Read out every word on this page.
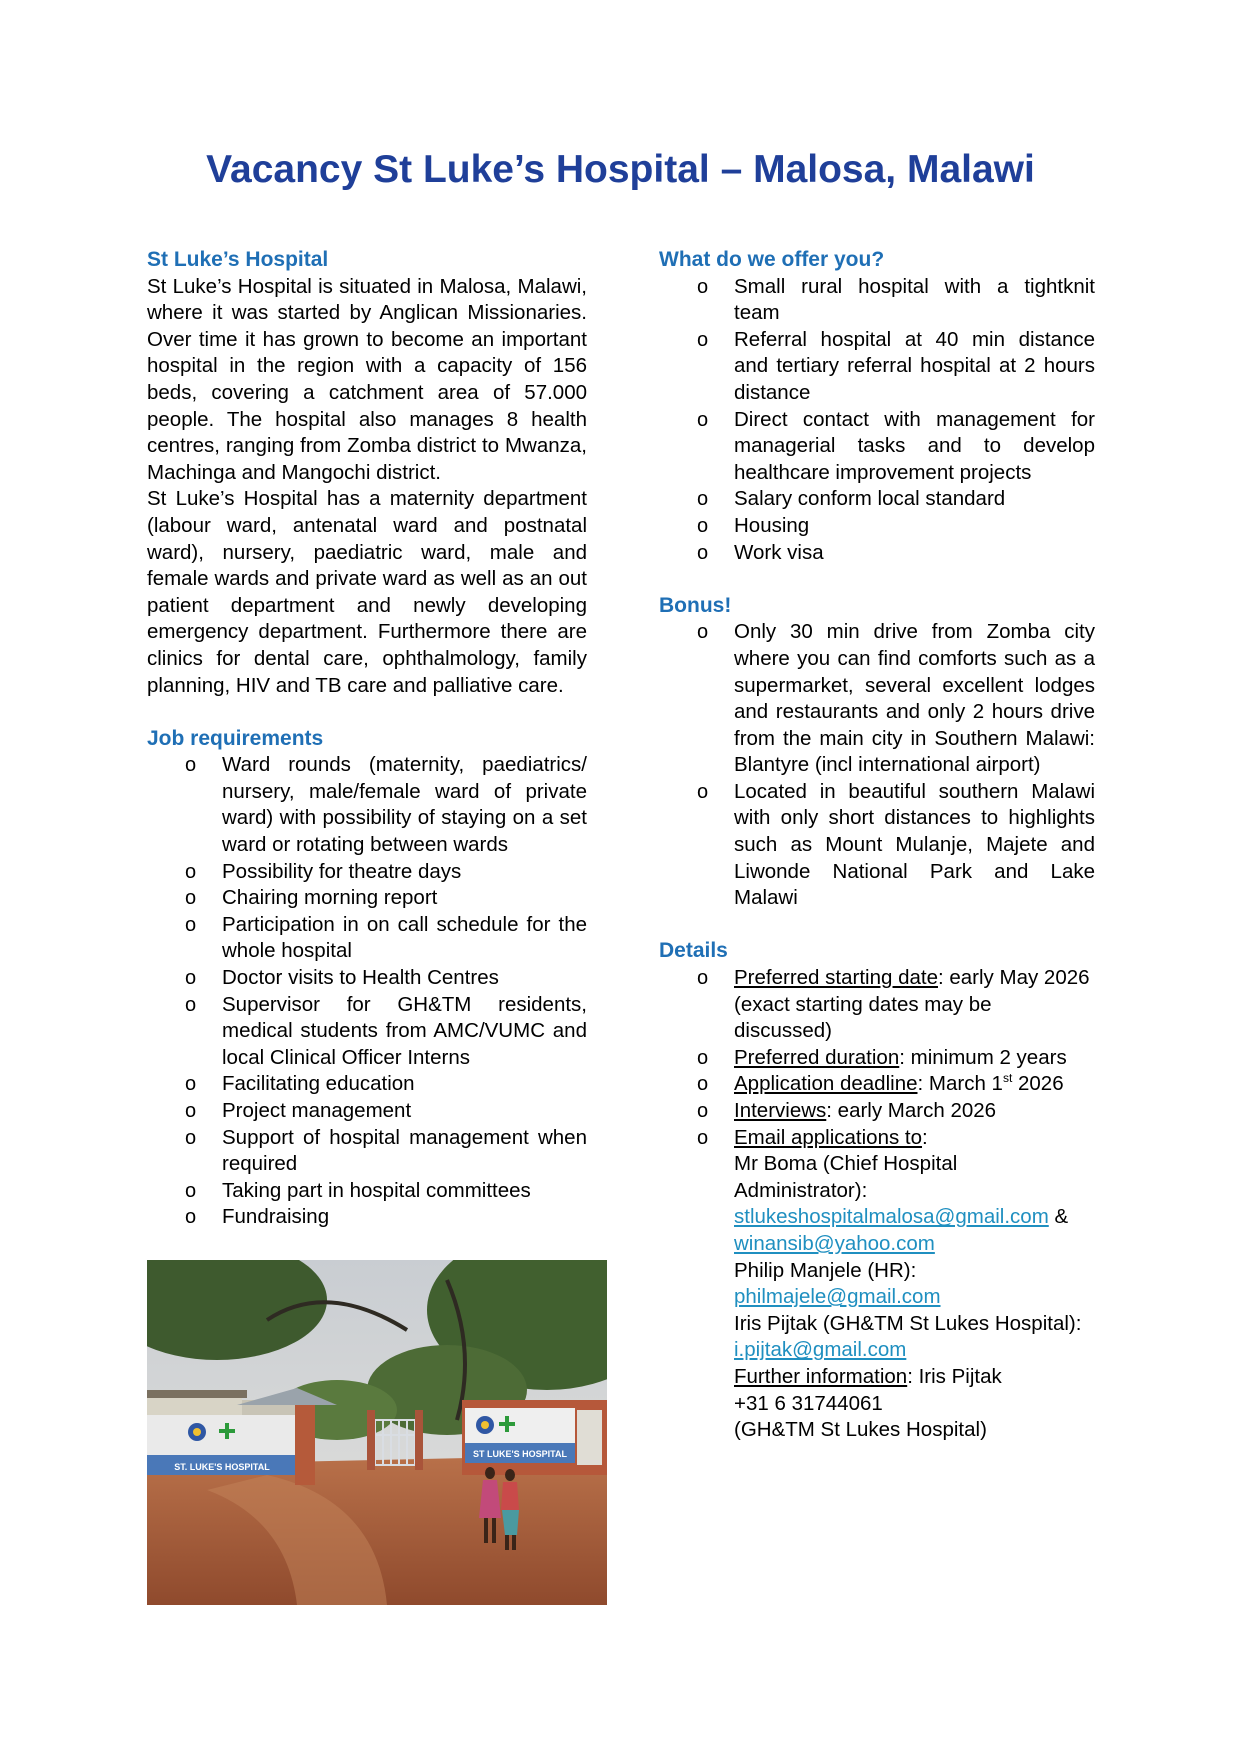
Vacancy St Luke’s Hospital – Malosa, Malawi
St Luke’s Hospital

St Luke’s Hospital is situated in Malosa, Malawi, where it was started by Anglican Missionaries. Over time it has grown to become an important hospital in the region with a capacity of 156 beds, covering a catchment area of 57.000 people. The hospital also manages 8 health centres, ranging from Zomba district to Mwanza, Machinga and Mangochi district.

St Luke’s Hospital has a maternity department (labour ward, antenatal ward and postnatal ward), nursery, paediatric ward, male and female wards and private ward as well as an out patient department and newly developing emergency department. Furthermore there are clinics for dental care, ophthalmology, family planning, HIV and TB care and palliative care.

Job requirements
o Ward rounds (maternity, paediatrics/ nursery, male/female ward of private ward) with possibility of staying on a set ward or rotating between wards
o Possibility for theatre days
o Chairing morning report
o Participation in on call schedule for the whole hospital
o Doctor visits to Health Centres
o Supervisor for GH&TM residents, medical students from AMC/VUMC and local Clinical Officer Interns
o Facilitating education
o Project management
o Support of hospital management when required
o Taking part in hospital committees
o Fundraising
ST. LUKE'S HOSPITAL
ST LUKE'S HOSPITAL
What do we offer you?
o Small rural hospital with a tightknit team
o Referral hospital at 40 min distance and tertiary referral hospital at 2 hours distance
o Direct contact with management for managerial tasks and to develop healthcare improvement projects
o Salary conform local standard
o Housing
o Work visa
Bonus!
o Only 30 min drive from Zomba city where you can find comforts such as a supermarket, several excellent lodges and restaurants and only 2 hours drive from the main city in Southern Malawi: Blantyre (incl international airport)
o Located in beautiful southern Malawi with only short distances to highlights such as Mount Mulanje, Majete and Liwonde National Park and Lake Malawi
Details
o Preferred starting date: early May 2026 (exact starting dates may be discussed)
o Preferred duration: minimum 2 years
o Application deadline: March 1st 2026
o Interviews: early March 2026
o Email applications to:
Mr Boma (Chief Hospital Administrator):
stlukeshospitalmalosa@gmail.com &
winansib@yahoo.com
Philip Manjele (HR):
philmajele@gmail.com
Iris Pijtak (GH&TM St Lukes Hospital):
i.pijtak@gmail.com
Further information: Iris Pijtak
+31 6 31744061
(GH&TM St Lukes Hospital)
